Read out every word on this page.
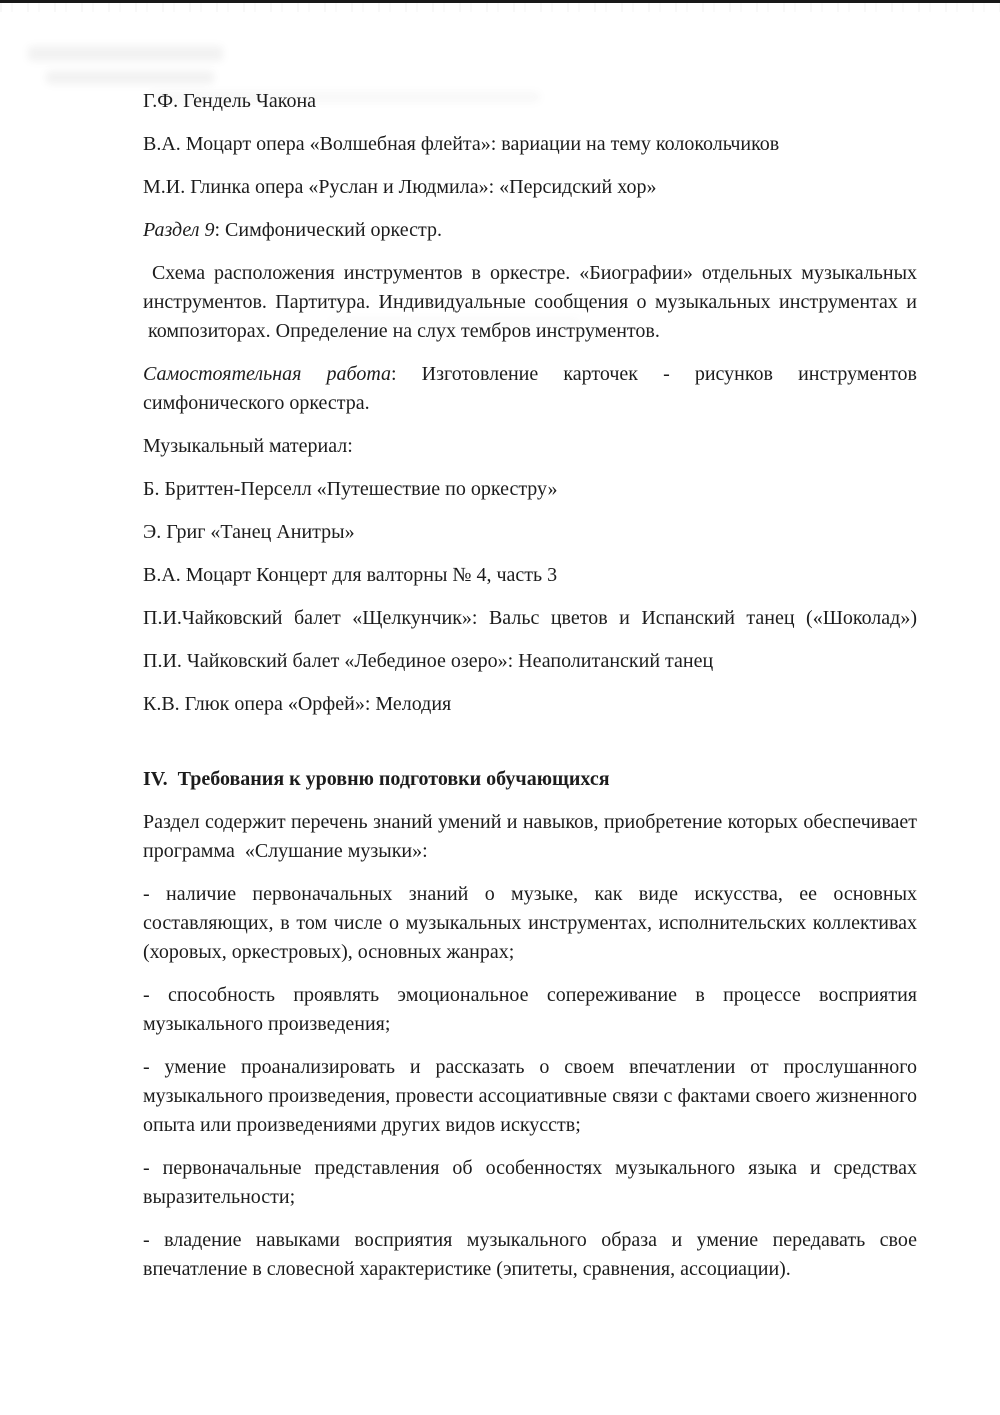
Г.Ф. Гендель Чакона

В.А. Моцарт опера «Волшебная флейта»: вариации на тему колокольчиков

М.И. Глинка опера «Руслан и Людмила»: «Персидский хор»

Раздел 9: Симфонический оркестр.

Схема расположения инструментов в оркестре. «Биографии» отдельных музыкальных инструментов. Партитура. Индивидуальные сообщения о музыкальных инструментах и  композиторах. Определение на слух тембров инструментов.

Самостоятельная работа: Изготовление карточек - рисунков инструментов симфонического оркестра.

Музыкальный материал:

Б. Бриттен-Перселл «Путешествие по оркестру»

Э. Григ «Танец Анитры»

В.А. Моцарт Концерт для валторны № 4, часть 3

П.И.Чайковский балет «Щелкунчик»: Вальс цветов и Испанский танец («Шоколад»)

П.И. Чайковский балет «Лебединое озеро»: Неаполитанский танец

К.В. Глюк опера «Орфей»: Мелодия

IV.  Требования к уровню подготовки обучающихся

Раздел содержит перечень знаний умений и навыков, приобретение которых обеспечивает программа  «Слушание музыки»:

- наличие первоначальных знаний о музыке, как виде искусства, ее основных составляющих, в том числе о музыкальных инструментах, исполнительских коллективах (хоровых, оркестровых), основных жанрах;

- способность проявлять эмоциональное сопереживание в процессе восприятия музыкального произведения;

- умение проанализировать и рассказать о своем впечатлении от прослушанного музыкального произведения, провести ассоциативные связи с фактами своего жизненного опыта или произведениями других видов искусств;

- первоначальные представления об особенностях музыкального языка и средствах выразительности;

- владение навыками восприятия музыкального образа и умение передавать свое впечатление в словесной характеристике (эпитеты, сравнения, ассоциации).
